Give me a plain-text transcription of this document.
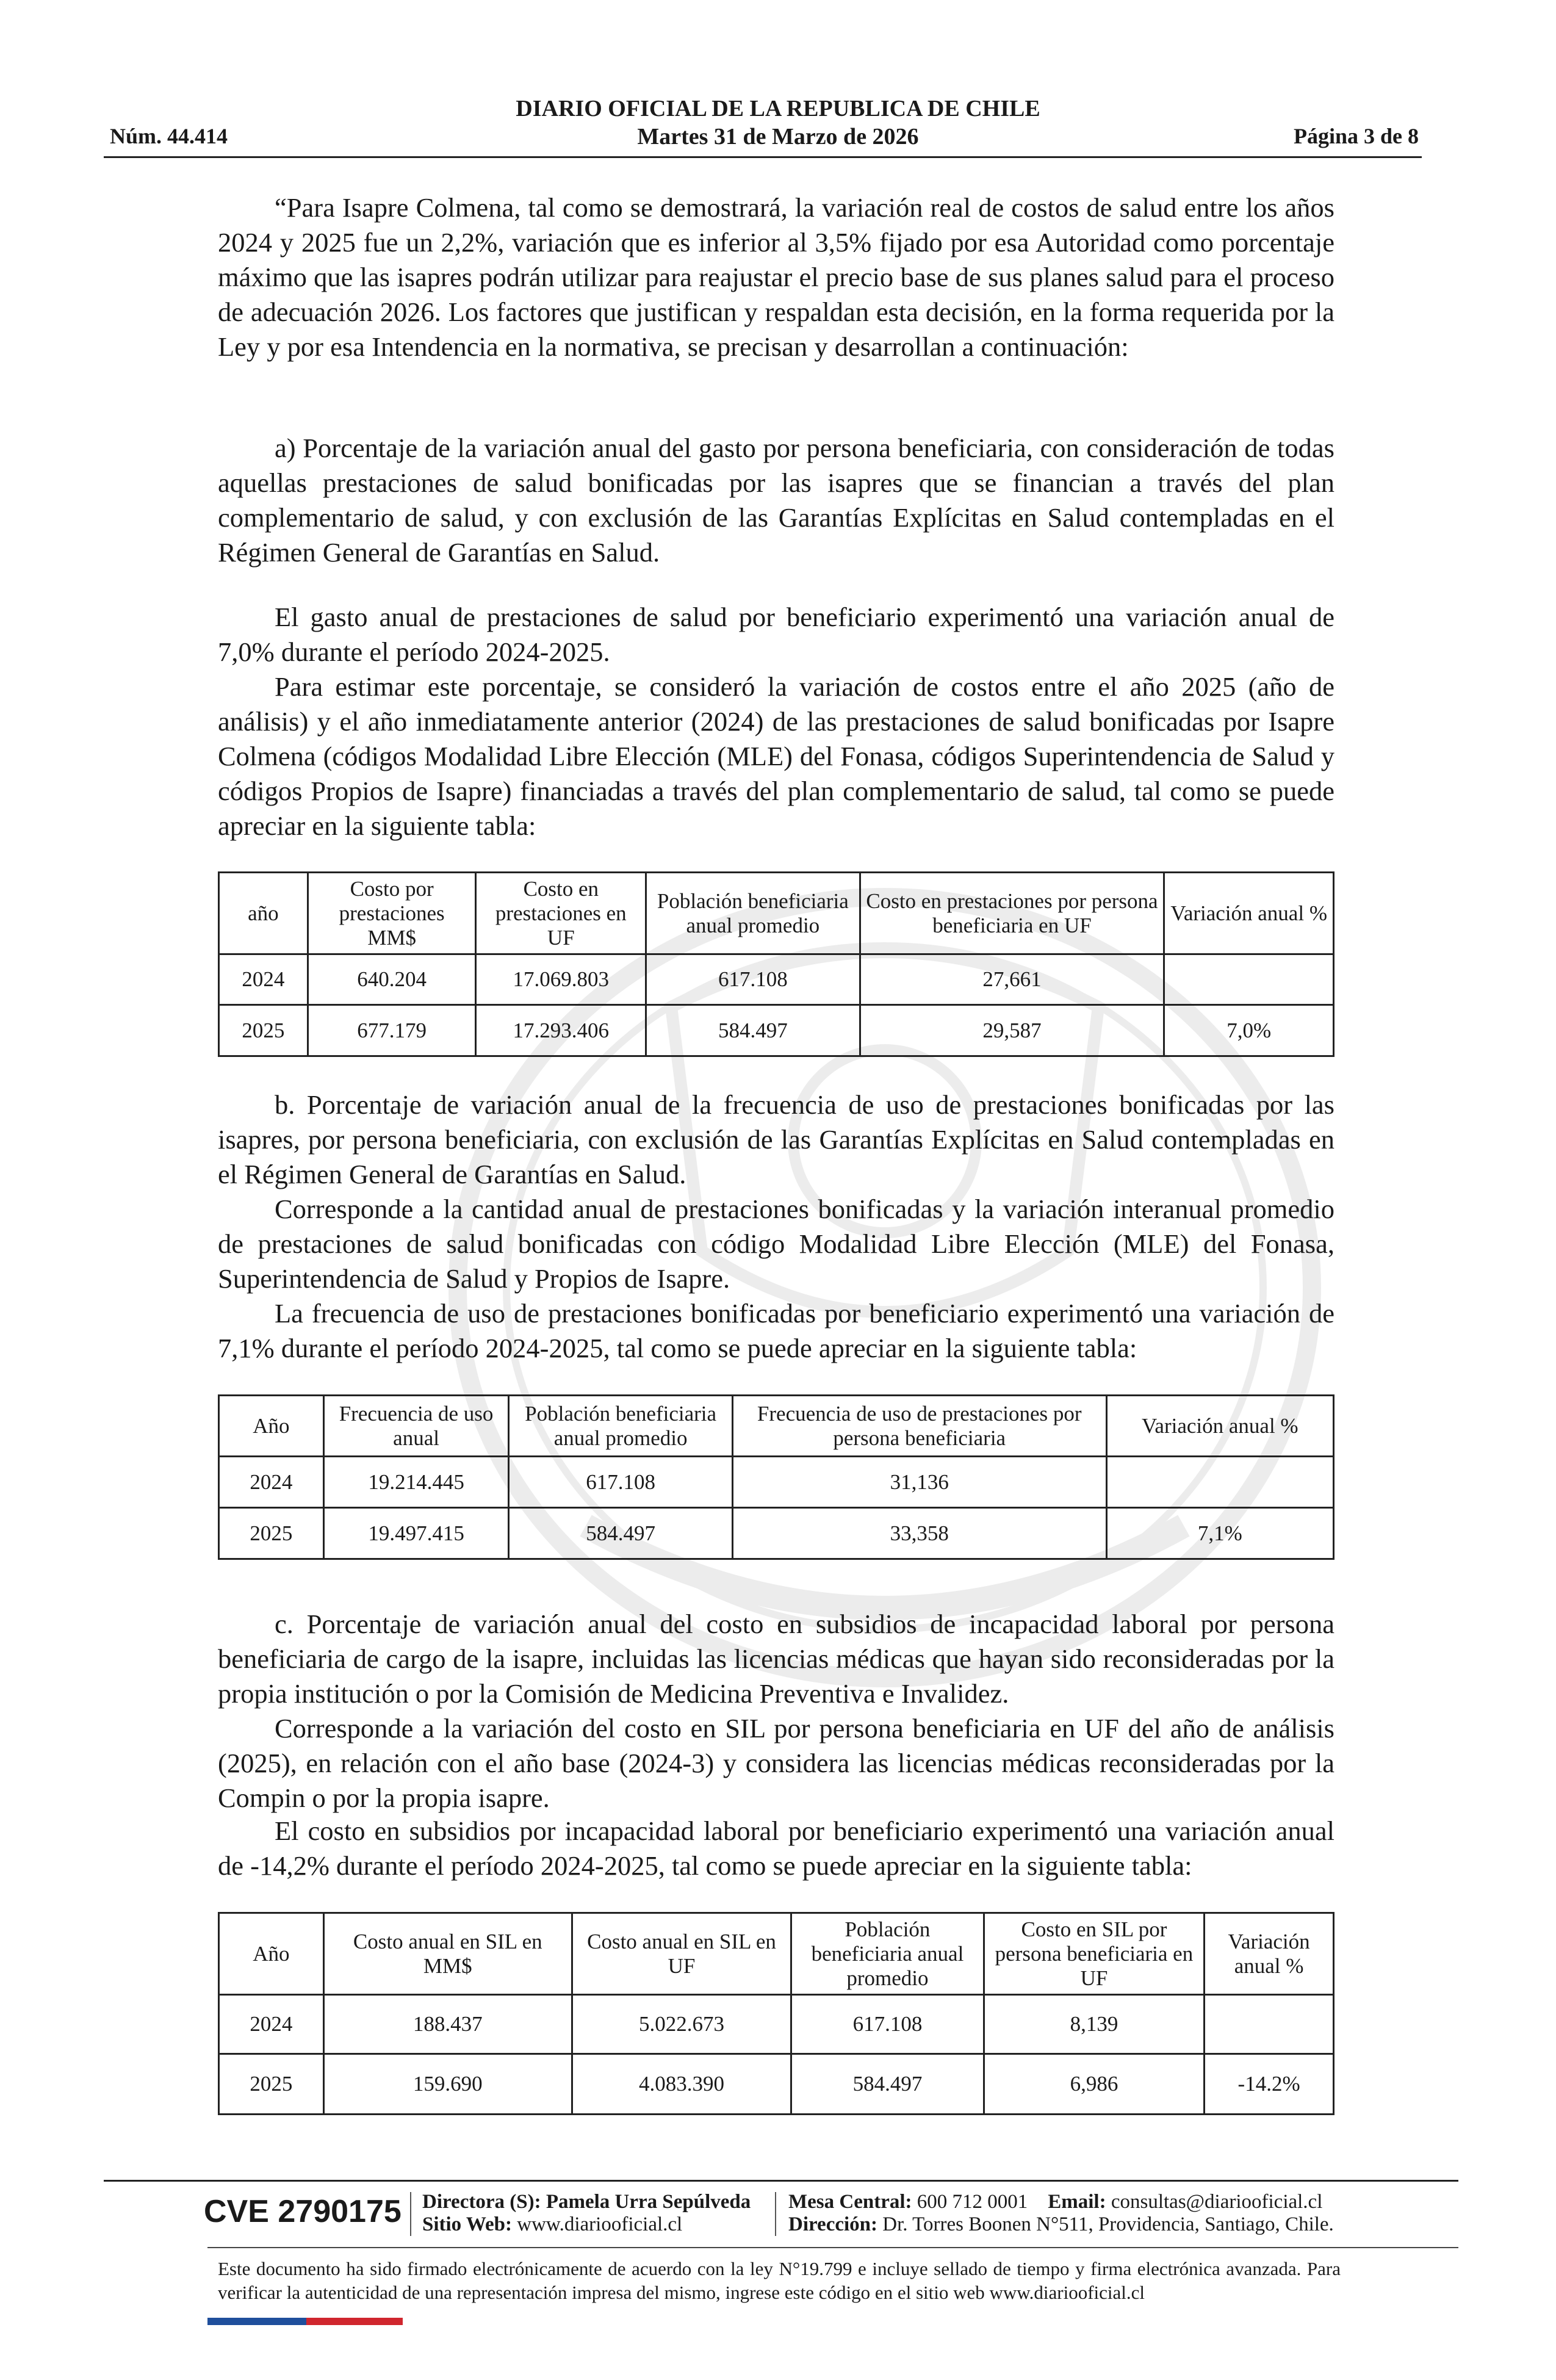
DIARIO OFICIAL DE LA REPUBLICA DE CHILE
Núm. 44.414	Martes 31 de Marzo de 2026	Página 3 de 8

“Para Isapre Colmena, tal como se demostrará, la variación real de costos de salud entre los años 2024 y 2025 fue un 2,2%, variación que es inferior al 3,5% fijado por esa Autoridad como porcentaje máximo que las isapres podrán utilizar para reajustar el precio base de sus planes salud para el proceso de adecuación 2026. Los factores que justifican y respaldan esta decisión, en la forma requerida por la Ley y por esa Intendencia en la normativa, se precisan y desarrollan a continuación:

a) Porcentaje de la variación anual del gasto por persona beneficiaria, con consideración de todas aquellas prestaciones de salud bonificadas por las isapres que se financian a través del plan complementario de salud, y con exclusión de las Garantías Explícitas en Salud contempladas en el Régimen General de Garantías en Salud.

El gasto anual de prestaciones de salud por beneficiario experimentó una variación anual de 7,0% durante el período 2024-2025.

Para estimar este porcentaje, se consideró la variación de costos entre el año 2025 (año de análisis) y el año inmediatamente anterior (2024) de las prestaciones de salud bonificadas por Isapre Colmena (códigos Modalidad Libre Elección (MLE) del Fonasa, códigos Superintendencia de Salud y códigos Propios de Isapre) financiadas a través del plan complementario de salud, tal como se puede apreciar en la siguiente tabla:

año	Costo por prestaciones MM$	Costo en prestaciones en UF	Población beneficiaria anual promedio	Costo en prestaciones por persona beneficiaria en UF	Variación anual %
2024	640.204	17.069.803	617.108	27,661	
2025	677.179	17.293.406	584.497	29,587	7,0%

b. Porcentaje de variación anual de la frecuencia de uso de prestaciones bonificadas por las isapres, por persona beneficiaria, con exclusión de las Garantías Explícitas en Salud contempladas en el Régimen General de Garantías en Salud.

Corresponde a la cantidad anual de prestaciones bonificadas y la variación interanual promedio de prestaciones de salud bonificadas con código Modalidad Libre Elección (MLE) del Fonasa, Superintendencia de Salud y Propios de Isapre.

La frecuencia de uso de prestaciones bonificadas por beneficiario experimentó una variación de 7,1% durante el período 2024-2025, tal como se puede apreciar en la siguiente tabla:

Año	Frecuencia de uso anual	Población beneficiaria anual promedio	Frecuencia de uso de prestaciones por persona beneficiaria	Variación anual %
2024	19.214.445	617.108	31,136	
2025	19.497.415	584.497	33,358	7,1%

c. Porcentaje de variación anual del costo en subsidios de incapacidad laboral por persona beneficiaria de cargo de la isapre, incluidas las licencias médicas que hayan sido reconsideradas por la propia institución o por la Comisión de Medicina Preventiva e Invalidez.

Corresponde a la variación del costo en SIL por persona beneficiaria en UF del año de análisis (2025), en relación con el año base (2024-3) y considera las licencias médicas reconsideradas por la Compin o por la propia isapre.

El costo en subsidios por incapacidad laboral por beneficiario experimentó una variación anual de -14,2% durante el período 2024-2025, tal como se puede apreciar en la siguiente tabla:

Año	Costo anual en SIL en MM$	Costo anual en SIL en UF	Población beneficiaria anual promedio	Costo en SIL por persona beneficiaria en UF	Variación anual %
2024	188.437	5.022.673	617.108	8,139	
2025	159.690	4.083.390	584.497	6,986	-14.2%
CVE 2790175 Directora (S): Pamela Urra Sepúlveda
Sitio Web: www.diariooficial.cl
Mesa Central: 600 712 0001 Email: consultas@diariooficial.cl
Dirección: Dr. Torres Boonen N°511, Providencia, Santiago, Chile.
Este documento ha sido firmado electrónicamente de acuerdo con la ley N°19.799 e incluye sellado de tiempo y firma electrónica avanzada. Para verificar la autenticidad de una representación impresa del mismo, ingrese este código en el sitio web www.diariooficial.cl
